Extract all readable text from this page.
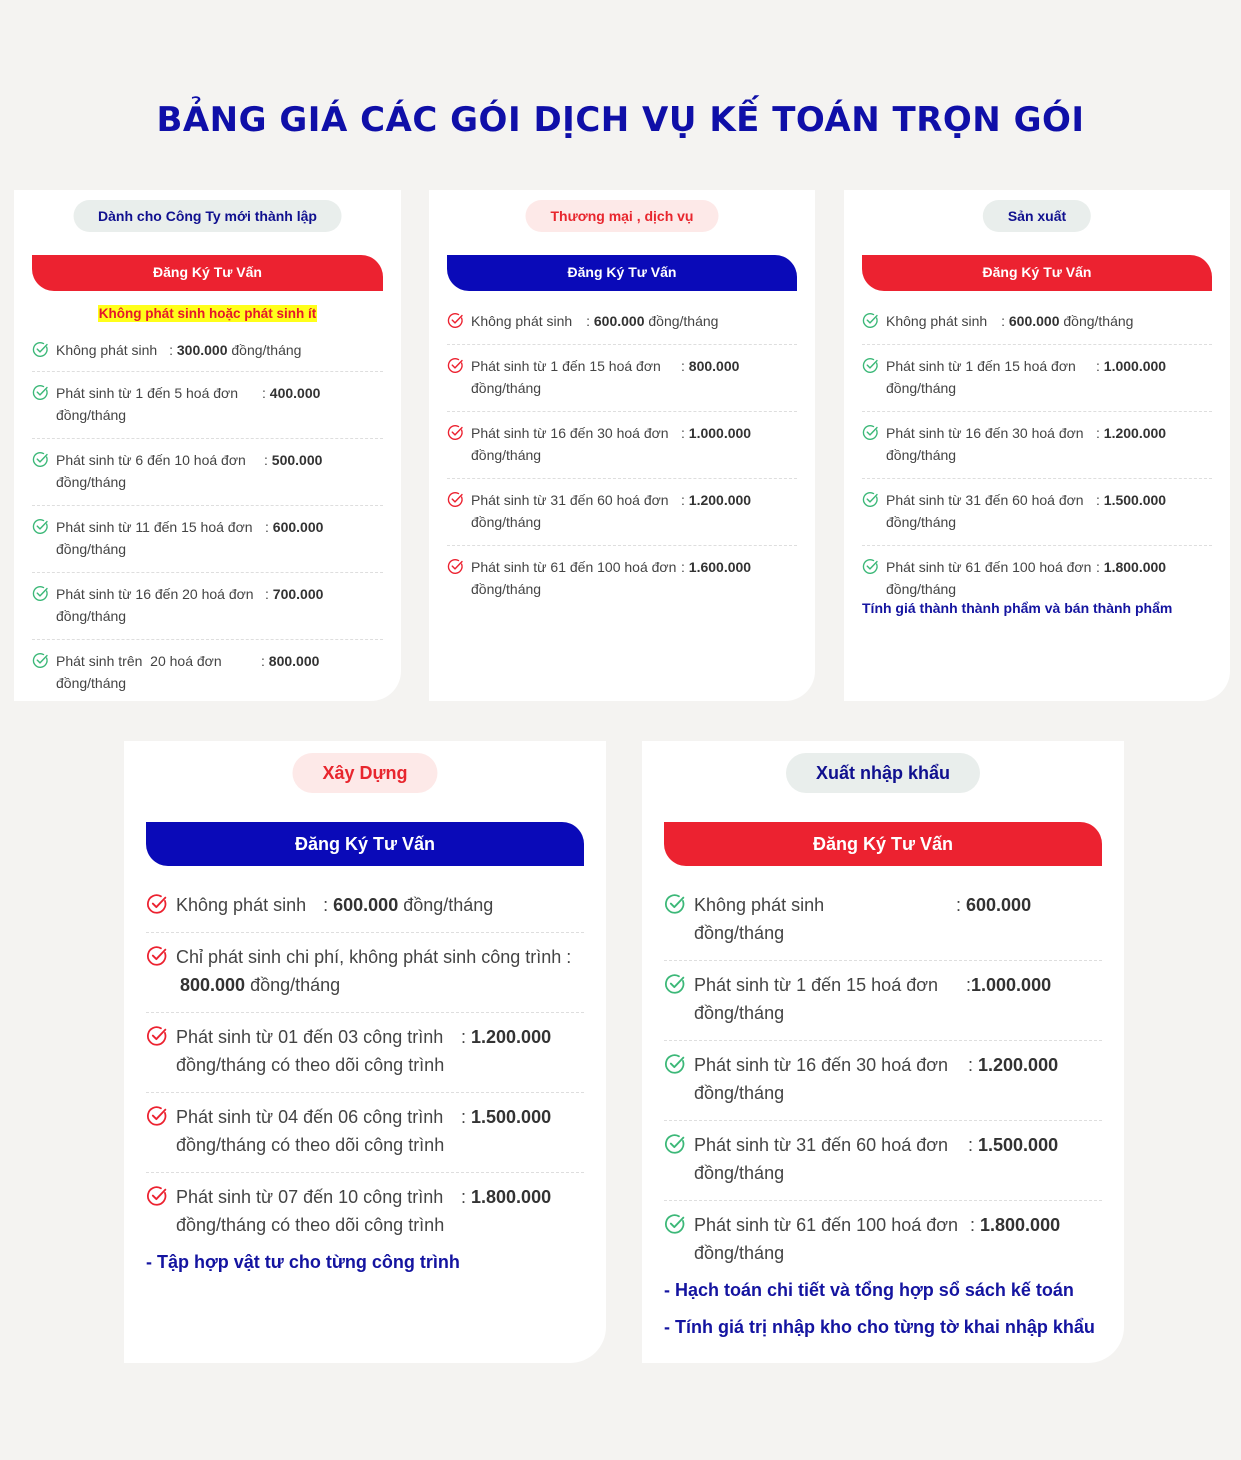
BẢNG GIÁ CÁC GÓI DỊCH VỤ KẾ TOÁN TRỌN GÓI
Dành cho Công Ty mới thành lập
Đăng Ký Tư Vấn
Không phát sinh hoặc phát sinh ít
Không phát sinh : 300.000 đồng/tháng
Phát sinh từ 1 đến 5 hoá đơn : 400.000
đồng/tháng
Phát sinh từ 6 đến 10 hoá đơn : 500.000
đồng/tháng
Phát sinh từ 11 đến 15 hoá đơn : 600.000
đồng/tháng
Phát sinh từ 16 đến 20 hoá đơn : 700.000
đồng/tháng
Phát sinh trên  20 hoá đơn	: 800.000
đồng/tháng
Thương mại , dịch vụ
Đăng Ký Tư Vấn
Không phát sinh : 600.000 đồng/tháng
Phát sinh từ 1 đến 15 hoá đơn : 800.000
đồng/tháng
Phát sinh từ 16 đến 30 hoá đơn : 1.000.000
đồng/tháng
Phát sinh từ 31 đến 60 hoá đơn : 1.200.000
đồng/tháng
Phát sinh từ 61 đến 100 hoá đơn : 1.600.000
đồng/tháng
Sản xuất
Đăng Ký Tư Vấn
Không phát sinh : 600.000 đồng/tháng
Phát sinh từ 1 đến 15 hoá đơn : 1.000.000
đồng/tháng
Phát sinh từ 16 đến 30 hoá đơn : 1.200.000
đồng/tháng
Phát sinh từ 31 đến 60 hoá đơn : 1.500.000
đồng/tháng
Phát sinh từ 61 đến 100 hoá đơn : 1.800.000
đồng/tháng
Tính giá thành thành phẩm và bán thành phẩm
Xây Dựng
Đăng Ký Tư Vấn
Không phát sinh : 600.000 đồng/tháng
Chỉ phát sinh chi phí, không phát sinh công trình :
800.000 đồng/tháng
Phát sinh từ 01 đến 03 công trình : 1.200.000
đồng/tháng có theo dõi công trình
Phát sinh từ 04 đến 06 công trình : 1.500.000
đồng/tháng có theo dõi công trình
Phát sinh từ 07 đến 10 công trình : 1.800.000
đồng/tháng có theo dõi công trình
- Tập hợp vật tư cho từng công trình
Xuất nhập khẩu
Đăng Ký Tư Vấn
Không phát sinh	: 600.000
đồng/tháng
Phát sinh từ 1 đến 15 hoá đơn :1.000.000
đồng/tháng
Phát sinh từ 16 đến 30 hoá đơn : 1.200.000
đồng/tháng
Phát sinh từ 31 đến 60 hoá đơn : 1.500.000
đồng/tháng
Phát sinh từ 61 đến 100 hoá đơn : 1.800.000
đồng/tháng
- Hạch toán chi tiết và tổng hợp sổ sách kế toán
- Tính giá trị nhập kho cho từng tờ khai nhập khẩu
